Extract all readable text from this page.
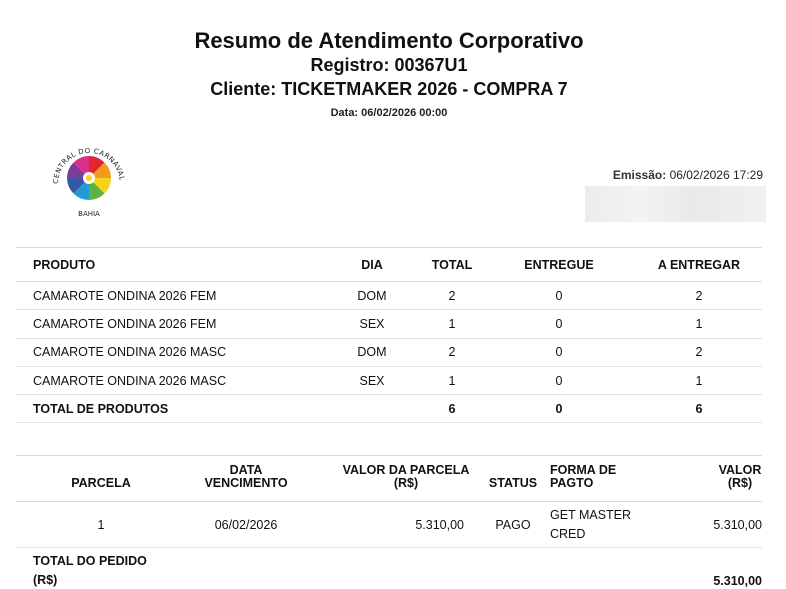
Resumo de Atendimento Corporativo
Registro: 00367U1
Cliente: TICKETMAKER 2026 - COMPRA 7
Data: 06/02/2026 00:00
CENTRAL DO CARNAVAL
BAHIA
Emissão: 06/02/2026 17:29
PRODUTO	DIA	TOTAL	ENTREGUE	A ENTREGAR
CAMAROTE ONDINA 2026 FEM	DOM	2	0	2
CAMAROTE ONDINA 2026 FEM	SEX	1	0	1
CAMAROTE ONDINA 2026 MASC	DOM	2	0	2
CAMAROTE ONDINA 2026 MASC	SEX	1	0	1
TOTAL DE PRODUTOS		6	0	6
PARCELA	DATA VENCIMENTO	VALOR DA PARCELA (R$)	STATUS	FORMA DE PAGTO	VALOR (R$)
1	06/02/2026	5.310,00	PAGO	GET MASTER CRED	5.310,00
TOTAL DO PEDIDO (R$)					5.310,00
